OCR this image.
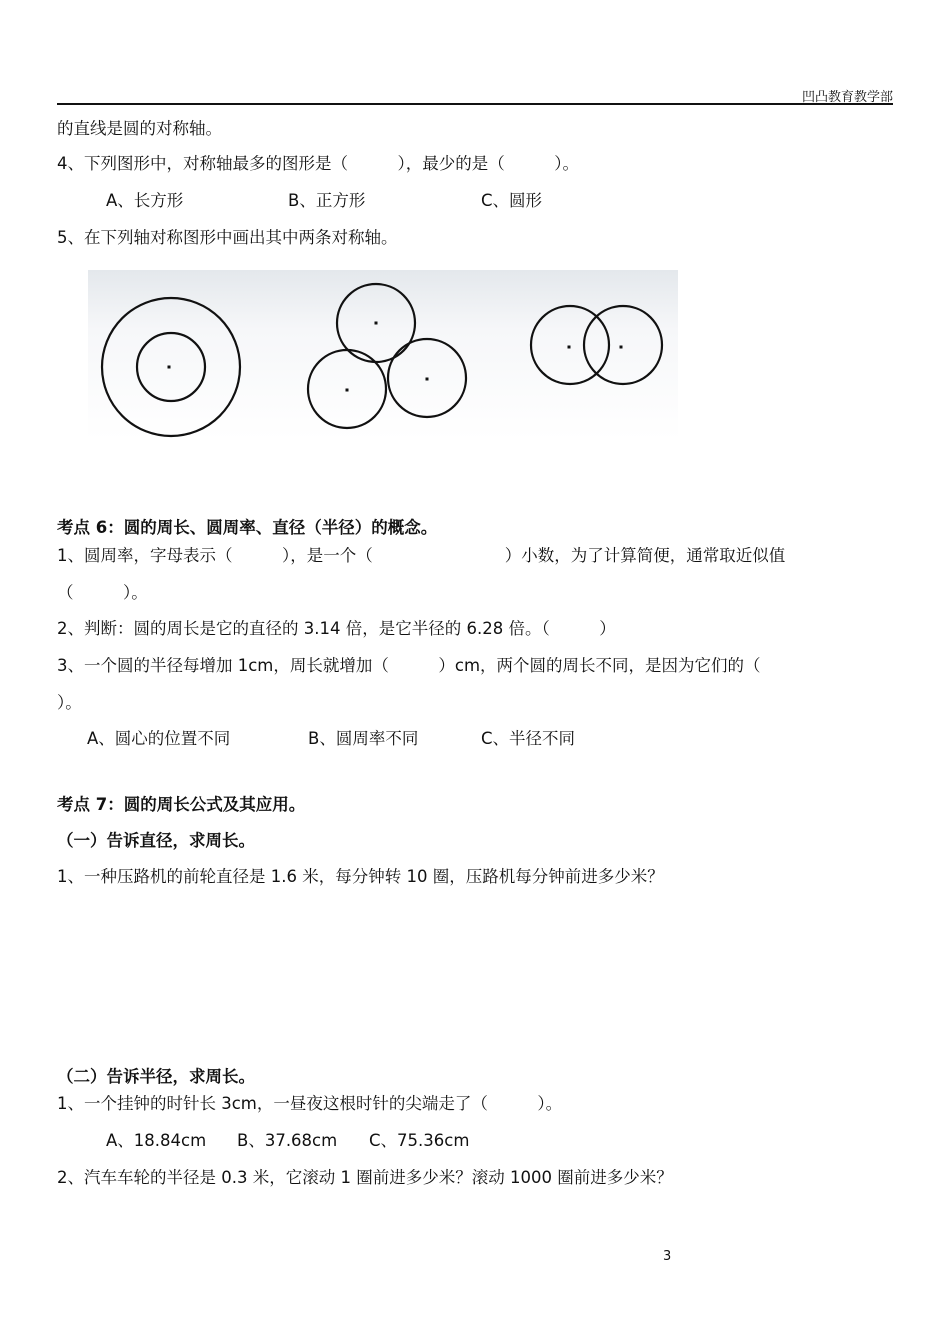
凹凸教育教学部
的直线是圆的对称轴。
4、下列图形中，对称轴最多的图形是（　　　），最少的是（　　　）。
A、长方形	B、正方形	C、圆形
5、在下列轴对称图形中画出其中两条对称轴。
考点 6：圆的周长、圆周率、直径（半径）的概念。
1、圆周率，字母表示（　　　），是一个（　　　　　　　　）小数，为了计算简便，通常取近似值
（　　　）。
2、判断：圆的周长是它的直径的 3.14 倍，是它半径的 6.28 倍。（　　　）
3、一个圆的半径每增加 1cm，周长就增加（　　　）cm，两个圆的周长不同，是因为它们的（
）。
A、圆心的位置不同	B、圆周率不同	C、半径不同
考点 7：圆的周长公式及其应用。
（一）告诉直径，求周长。
1、一种压路机的前轮直径是 1.6 米，每分钟转 10 圈，压路机每分钟前进多少米？
（二）告诉半径，求周长。
1、一个挂钟的时针长 3cm，一昼夜这根时针的尖端走了（　　　）。
A、18.84cm B、37.68cm C、75.36cm
2、汽车车轮的半径是 0.3 米，它滚动 1 圈前进多少米？滚动 1000 圈前进多少米？
3
